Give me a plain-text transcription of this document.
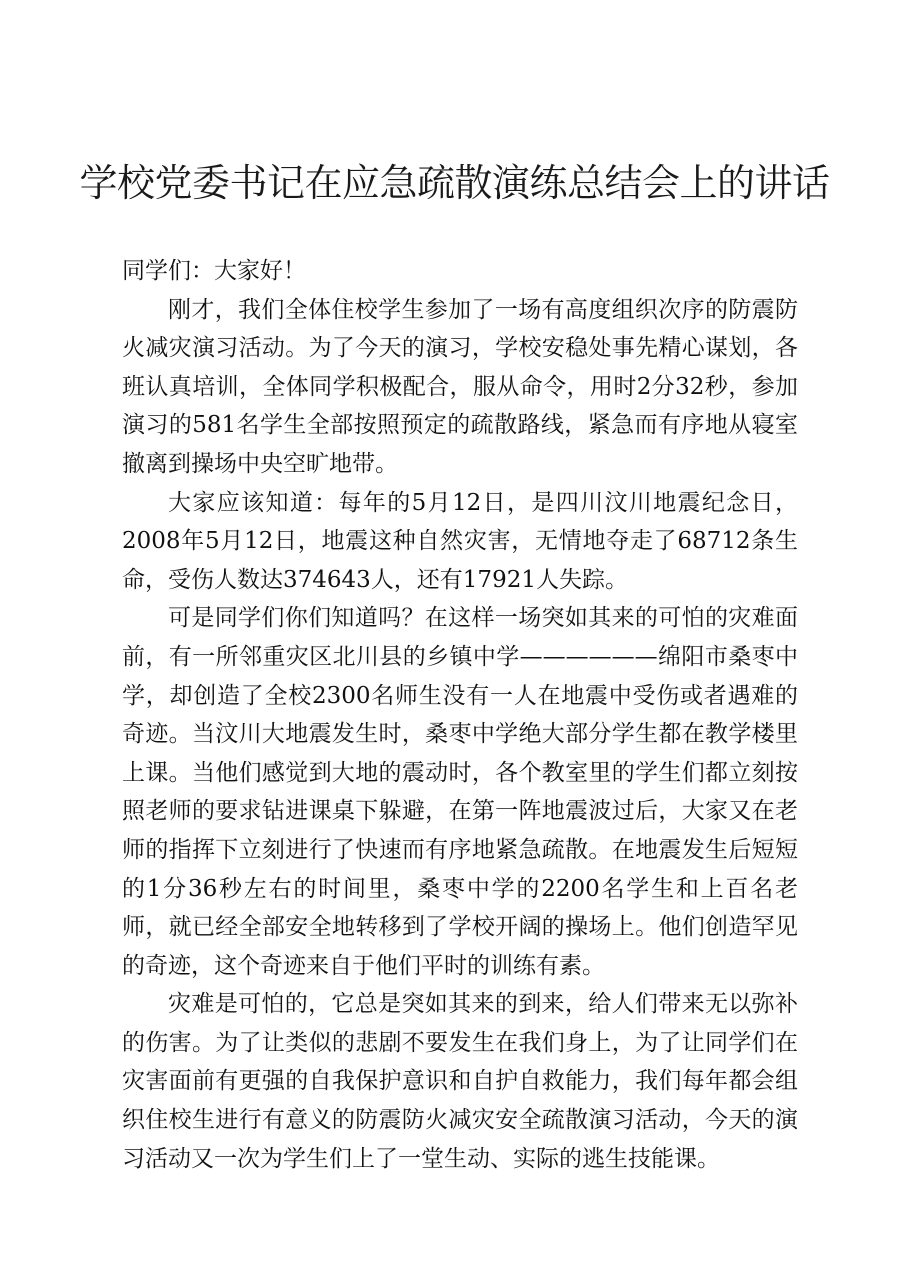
学校党委书记在应急疏散演练总结会上的讲话

同学们：大家好！

刚才，我们全体住校学生参加了一场有高度组织次序的防震防火减灾演习活动。为了今天的演习，学校安稳处事先精心谋划，各班认真培训，全体同学积极配合，服从命令，用时2分32秒，参加演习的581名学生全部按照预定的疏散路线，紧急而有序地从寝室撤离到操场中央空旷地带。

大家应该知道：每年的5月12日，是四川汶川地震纪念日，2008年5月12日，地震这种自然灾害，无情地夺走了68712条生命，受伤人数达374643人，还有17921人失踪。

可是同学们你们知道吗？在这样一场突如其来的可怕的灾难面前，有一所邻重灾区北川县的乡镇中学——————绵阳市桑枣中学，却创造了全校2300名师生没有一人在地震中受伤或者遇难的奇迹。当汶川大地震发生时，桑枣中学绝大部分学生都在教学楼里上课。当他们感觉到大地的震动时，各个教室里的学生们都立刻按照老师的要求钻进课桌下躲避，在第一阵地震波过后，大家又在老师的指挥下立刻进行了快速而有序地紧急疏散。在地震发生后短短的1分36秒左右的时间里，桑枣中学的2200名学生和上百名老师，就已经全部安全地转移到了学校开阔的操场上。他们创造罕见的奇迹，这个奇迹来自于他们平时的训练有素。

灾难是可怕的，它总是突如其来的到来，给人们带来无以弥补的伤害。为了让类似的悲剧不要发生在我们身上，为了让同学们在灾害面前有更强的自我保护意识和自护自救能力，我们每年都会组织住校生进行有意义的防震防火减灾安全疏散演习活动，今天的演习活动又一次为学生们上了一堂生动、实际的逃生技能课。
